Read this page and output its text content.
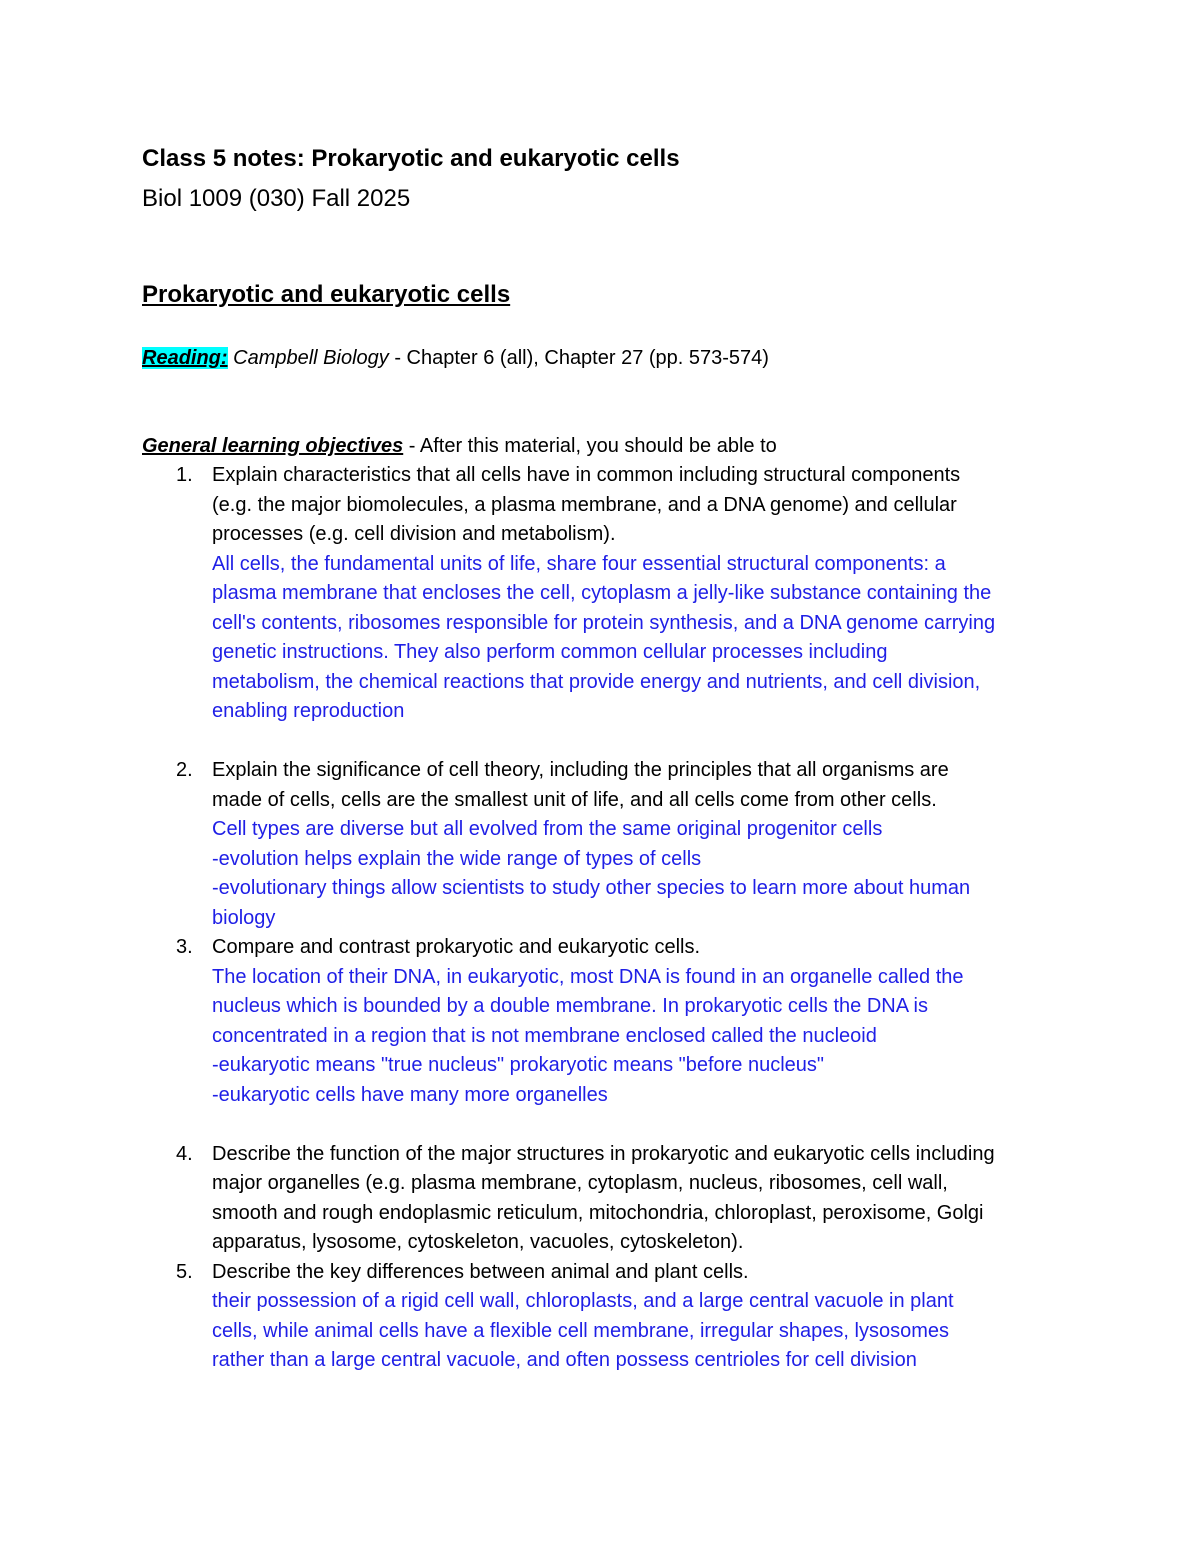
Class 5 notes: Prokaryotic and eukaryotic cells
Biol 1009 (030) Fall 2025
Prokaryotic and eukaryotic cells
Reading: Campbell Biology - Chapter 6 (all), Chapter 27 (pp. 573-574)
General learning objectives - After this material, you should be able to
1. Explain characteristics that all cells have in common including structural components
(e.g. the major biomolecules, a plasma membrane, and a DNA genome) and cellular
processes (e.g. cell division and metabolism).
All cells, the fundamental units of life, share four essential structural components: a
plasma membrane that encloses the cell, cytoplasm a jelly-like substance containing the
cell's contents, ribosomes responsible for protein synthesis, and a DNA genome carrying
genetic instructions. They also perform common cellular processes including
metabolism, the chemical reactions that provide energy and nutrients, and cell division,
enabling reproduction
2. Explain the significance of cell theory, including the principles that all organisms are
made of cells, cells are the smallest unit of life, and all cells come from other cells.
Cell types are diverse but all evolved from the same original progenitor cells
-evolution helps explain the wide range of types of cells
-evolutionary things allow scientists to study other species to learn more about human
biology
3. Compare and contrast prokaryotic and eukaryotic cells.
The location of their DNA, in eukaryotic, most DNA is found in an organelle called the
nucleus which is bounded by a double membrane. In prokaryotic cells the DNA is
concentrated in a region that is not membrane enclosed called the nucleoid
-eukaryotic means "true nucleus" prokaryotic means "before nucleus"
-eukaryotic cells have many more organelles
4. Describe the function of the major structures in prokaryotic and eukaryotic cells including
major organelles (e.g. plasma membrane, cytoplasm, nucleus, ribosomes, cell wall,
smooth and rough endoplasmic reticulum, mitochondria, chloroplast, peroxisome, Golgi
apparatus, lysosome, cytoskeleton, vacuoles, cytoskeleton).
5. Describe the key differences between animal and plant cells.
their possession of a rigid cell wall, chloroplasts, and a large central vacuole in plant
cells, while animal cells have a flexible cell membrane, irregular shapes, lysosomes
rather than a large central vacuole, and often possess centrioles for cell division
